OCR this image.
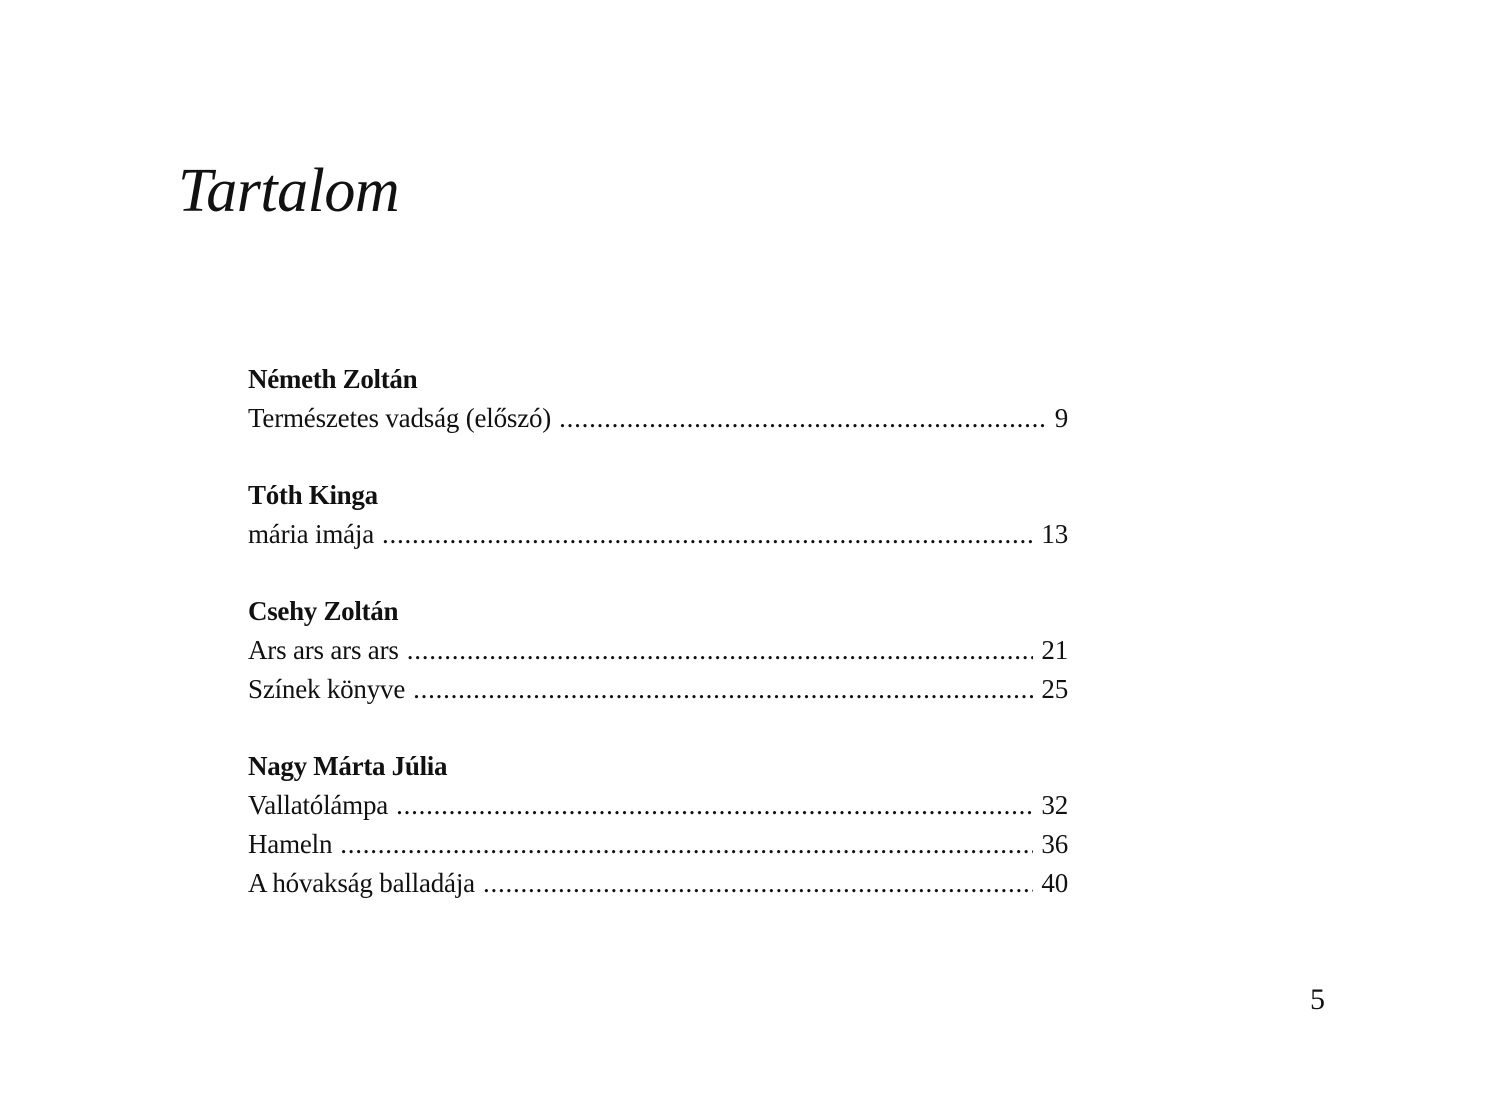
Tartalom
Németh Zoltán
Természetes vadság (előszó) . . .	9
Tóth Kinga
mária imája . . .	13
Csehy Zoltán
Ars ars ars ars . . .	21
Színek könyve . . .	25
Nagy Márta Júlia
Vallatólámpa . . .	32
Hameln . . .	36
A hóvakság balladája . . .	40
5
